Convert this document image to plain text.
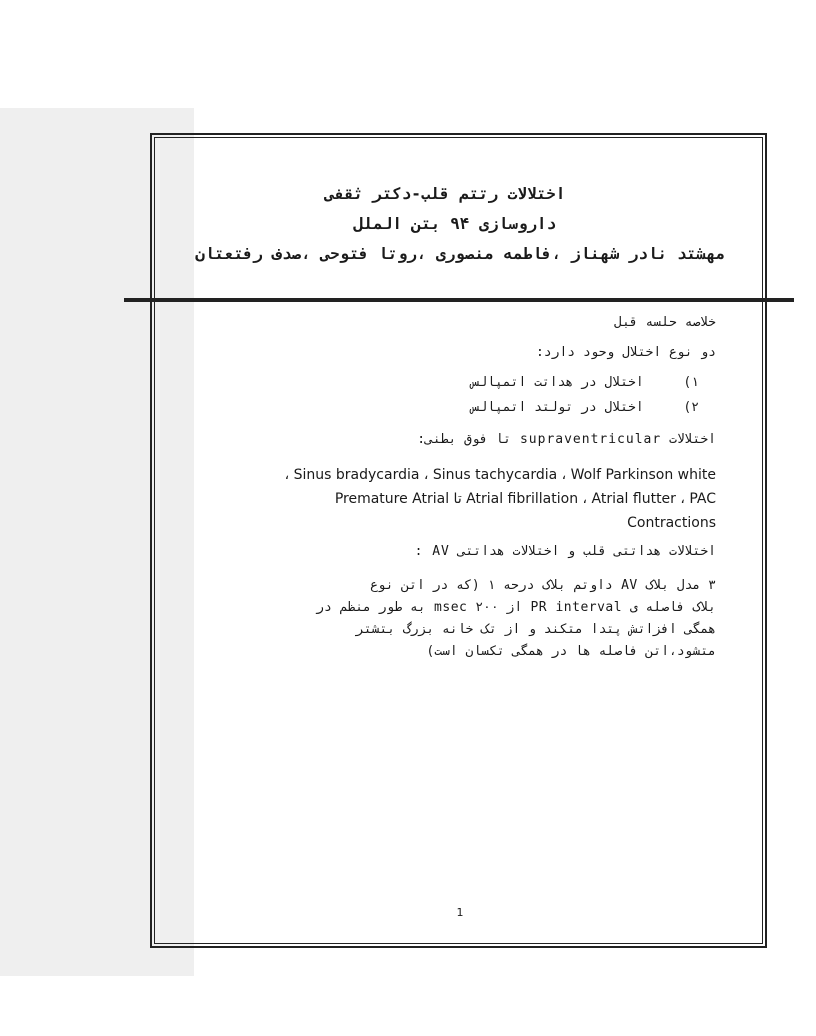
اختلالات رتتم قلب-دکتر ثقفی
داروسازی ۹۴ بتن الملل
مهشتد نادر شهناز ،فاطمه منصوری ،روتا فتوحی ،صدف رفتعتان
خلاصه حلسه قبل
دو نوع اختلال وحود دارد:
١)  اختلال در هداتت اتمپالس
٢)  اختلال در تولتد اتمپالس
اختلالات supraventricular تا فوق بطنی:
Sinus bradycardia ، Sinus tachycardia ، Wolf Parkinson white ،
Atrial fibrillation ، Atrial flutter ، PAC تا Premature Atrial
Contractions
اختلالات هداتتی قلب و اختلالات هداتتی AV :
٣ مدل بلاک AV داوتم بلاک درحه ١ (که در اتن نوع
بلاک فاصله ی PR interval از ٢٠٠ msec به طور منظم در
همگی افزاتش پتدا متکند و از تک خانه بزرگ بتشتر
متشود،اتن فاصله ها در همگی تکسان است)
1
